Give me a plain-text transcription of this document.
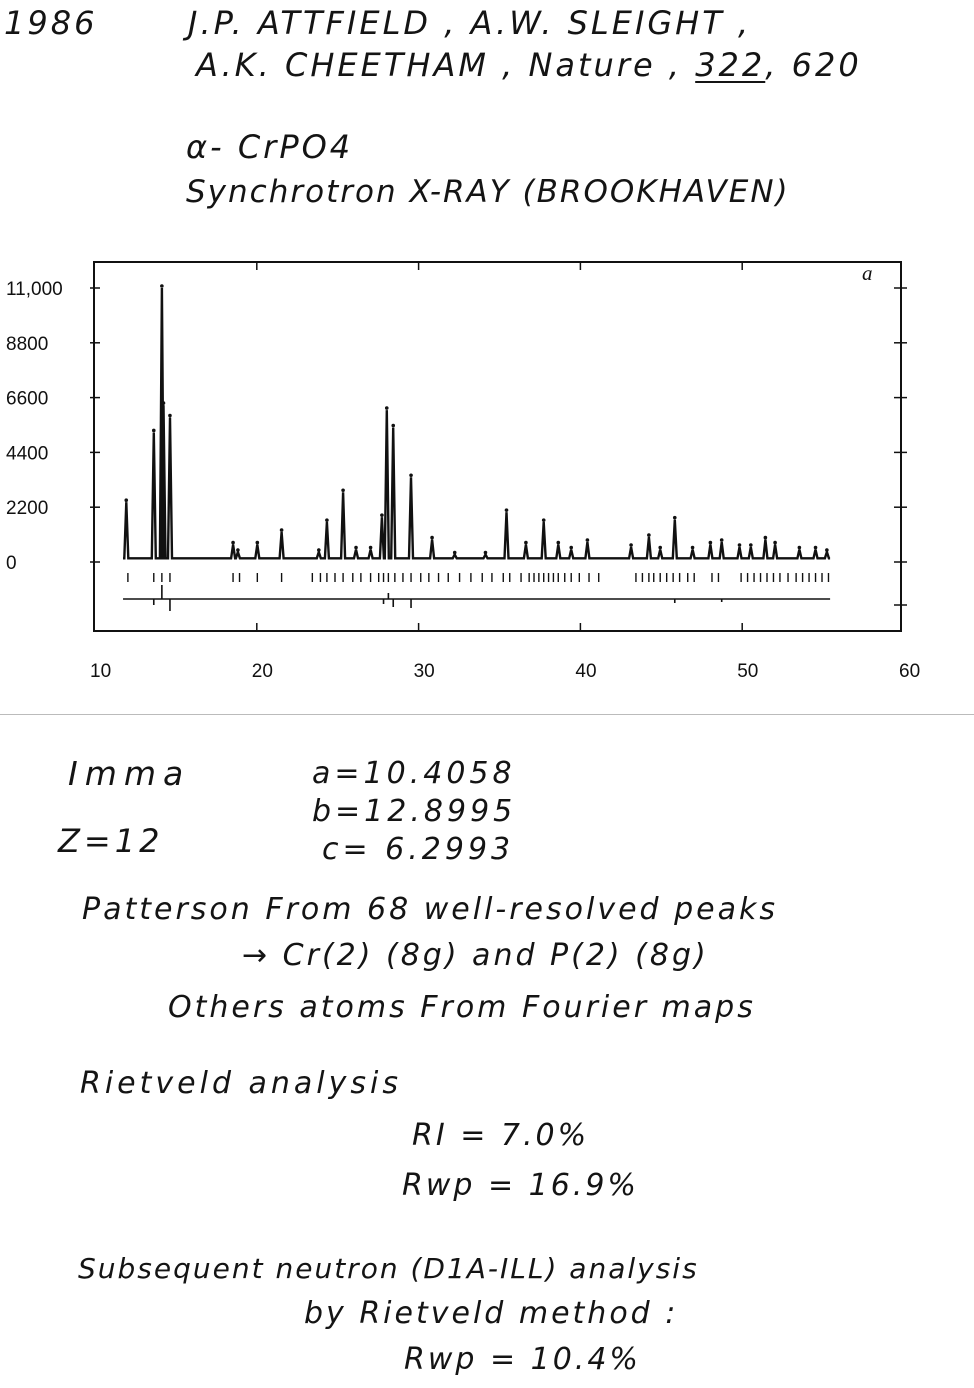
1986	J.P. ATTFIELD , A.W. SLEIGHT ,
A.K. CHEETHAM , Nature , 322, 620
α- CrPO4
Synchrotron X-RAY (BROOKHAVEN)
0
2200
4400
6600
8800
11,000
10	20	30	40	50	60
a
Imma
Z=12
a=10.4058
b=12.8995
c= 6.2993
Patterson From 68 well-resolved peaks
→ Cr(2) (8g) and P(2) (8g)
Others atoms From Fourier maps
Rietveld analysis
RI = 7.0%
Rwp = 16.9%
Subsequent neutron (D1A-ILL) analysis
by Rietveld method :
Rwp = 10.4%
